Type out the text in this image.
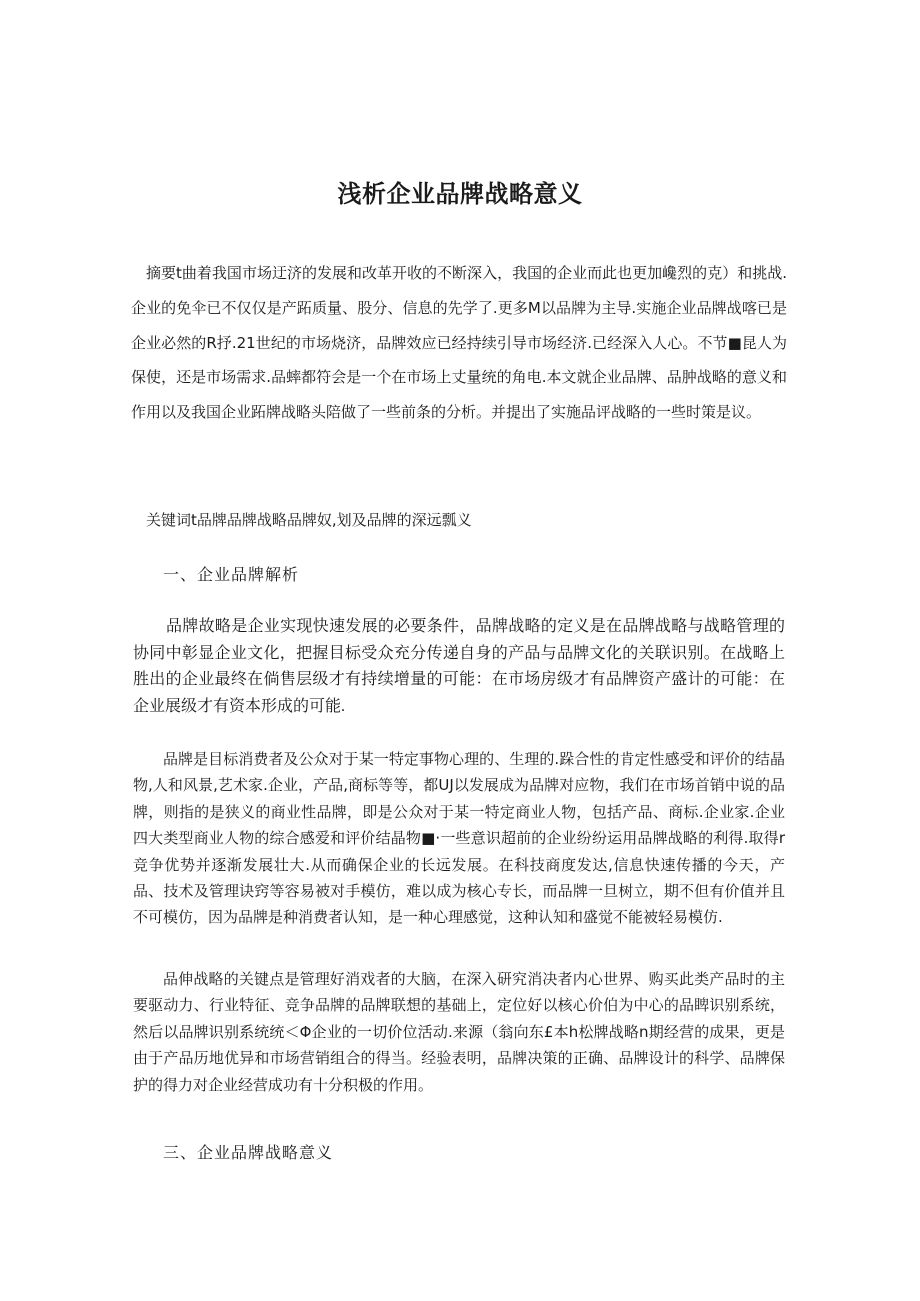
浅析企业品牌战略意义

摘要t曲着我国市场迂济的发展和改革开收的不断深入，我国的企业而此也更加巉烈的克）和挑战.企业的免伞已不仅仅是产跖质量、股分、信息的先学了.更多M以品牌为主导.实施企业品牌战喀已是企业必然的R抒.21世纪的市场烧济，品牌效应已经持续引导市场经济.已经深入人心。不节■昆人为保使，还是市场需求.品蟀都符会是一个在市场上丈量统的角电.本文就企业品牌、品肿战略的意义和作用以及我国企业跖牌战略头陪做了一些前条的分析。并提出了实施品评战略的一些时策是议。

关键词t品牌品牌战略品牌奴,划及品牌的深远瓢义

一、企业品牌解析

品牌故略是企业实现快速发展的必要条件，品牌战略的定义是在品牌战略与战略管理的协同中彰显企业文化，把握目标受众充分传递自身的产品与品牌文化的关联识别。在战略上胜出的企业最终在倘售层级才有持续增量的可能：在市场房级才有品牌资产盛计的可能：在企业展级才有资本形成的可能.

品牌是目标消费者及公众对于某一特定事物心理的、生理的.跺合性的肯定性感受和评价的结晶物,人和风景,艺术家.企业，产品,商标等等，都UJ以发展成为品牌对应物，我们在市场首销中说的品牌，则指的是狭义的商业性品牌，即是公众对于某一特定商业人物，包括产品、商标.企业家.企业四大类型商业人物的综合感爱和评价结晶物■·一些意识超前的企业纷纷运用品牌战略的利得.取得r竞争优势并逐渐发展壮大.从而确保企业的长远发展。在科技商度发达,信息快速传播的今天，产品、技术及管理诀窍等容易被对手模仿，难以成为核心专长，而品牌一旦树立，期不但有价值并且不可模仿，因为品牌是种消费者认知，是一种心理感觉，这种认知和盛觉不能被轻易模仿.

品伸战略的关键点是管理好消戏者的大脑，在深入研究消决者内心世界、购买此类产品时的主要驱动力、行业特征、竞争品牌的品牌联想的基础上，定位好以核心价伯为中心的品睥识别系统，然后以品牌识别系统统＜Φ企业的一切价位活动.来源（翁向东£本h松牌战略n期经营的成果，更是由于产品历地优异和市场营销组合的得当。经验表明，品牌决策的正确、品牌设计的科学、品牌保护的得力对企业经营成功有十分积极的作用。

三、企业品牌战略意义
